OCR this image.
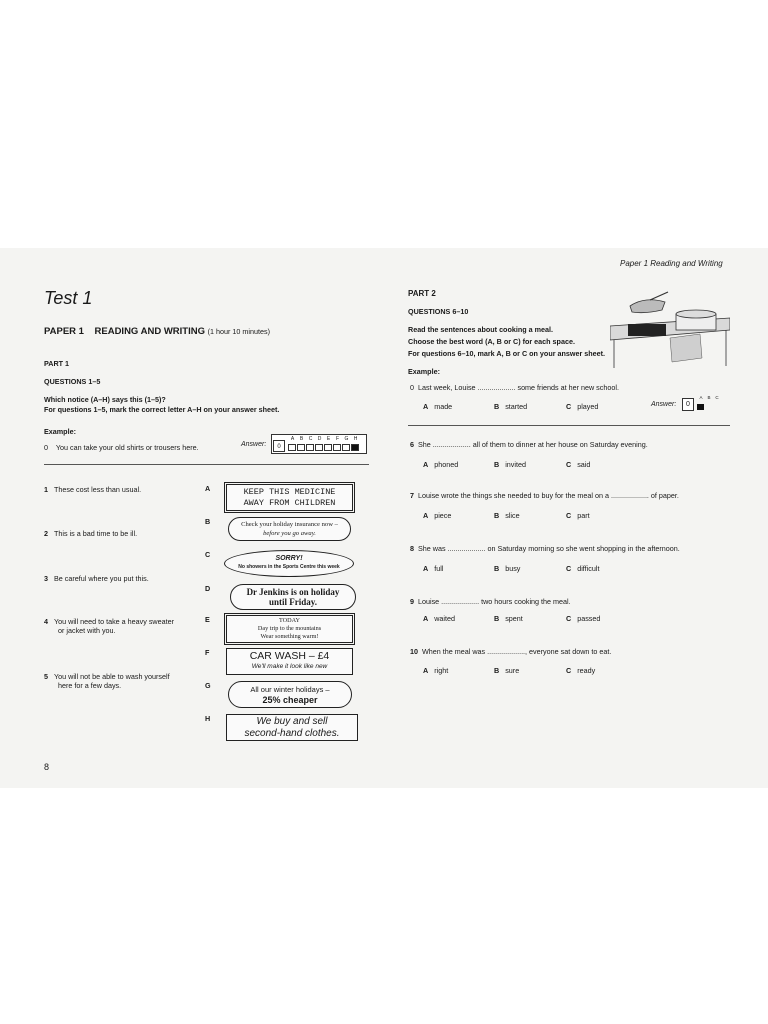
Paper 1 Reading and Writing
Test 1
PAPER 1 READING AND WRITING (1 hour 10 minutes)
PART 1
QUESTIONS 1–5
Which notice (A–H) says this (1–5)?
For questions 1–5, mark the correct letter A–H on your answer sheet.
Example:
0 You can take your old shirts or trousers here.	Answer:	0
A	B	C	D	E	F	G	H
1 These cost less than usual.
2 This is a bad time to be ill.
3 Be careful where you put this.
4 You will need to take a heavy sweater
or jacket with you.
5 You will not be able to wash yourself
here for a few days.
A
B
C
D
E
F
G
H
KEEP THIS MEDICINE
AWAY FROM CHILDREN
Check your holiday insurance now –
before you go away.
SORRY!
No showers in the Sports Centre this week
Dr Jenkins is on holiday
until Friday.
TODAY
Day trip to the mountains
Wear something warm!
CAR WASH – £4
We'll make it look like new
All our winter holidays –
25% cheaper
We buy and sell
second-hand clothes.
8
PART 2
QUESTIONS 6–10
Read the sentences about cooking a meal.
Choose the best word (A, B or C) for each space.
For questions 6–10, mark A, B or C on your answer sheet.
Example:
0 Last week, Louise ................... some friends at her new school.
A made	B started	C played	Answer:	0
A	B	C
6 She ................... all of them to dinner at her house on Saturday evening.
A phoned	B invited	C said
7 Louise wrote the things she needed to buy for the meal on a ................... of paper.
A piece	B slice	C part
8 She was ................... on Saturday morning so she went shopping in the afternoon.
A full	B busy	C difficult
9 Louise ................... two hours cooking the meal.
A waited	B spent	C passed
10 When the meal was ..................., everyone sat down to eat.
A right	B sure	C ready
